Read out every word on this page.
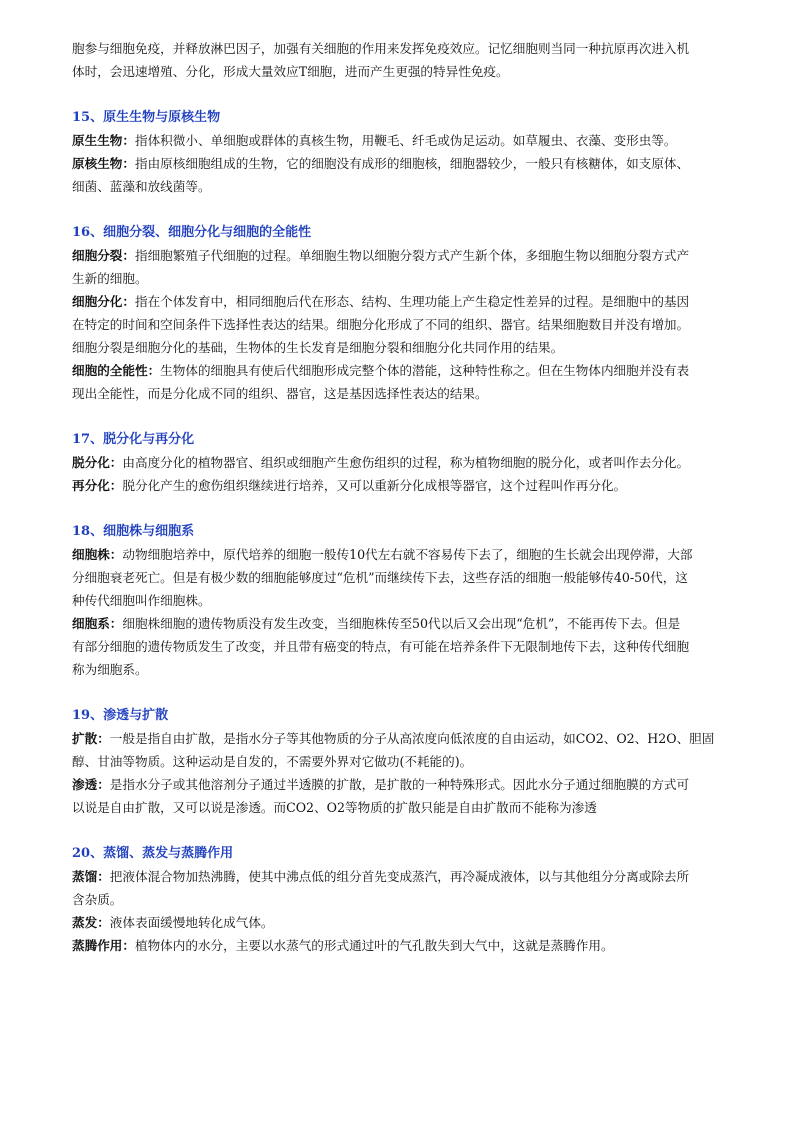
胞参与细胞免疫，并释放淋巴因子，加强有关细胞的作用来发挥免疫效应。记忆细胞则当同一种抗原再次进入机

体时，会迅速增殖、分化，形成大量效应T细胞，进而产生更强的特异性免疫。

15、原生生物与原核生物

原生生物：指体积微小、单细胞或群体的真核生物，用鞭毛、纤毛或伪足运动。如草履虫、衣藻、变形虫等。

原核生物：指由原核细胞组成的生物，它的细胞没有成形的细胞核，细胞器较少，一般只有核糖体，如支原体、

细菌、蓝藻和放线菌等。

16、细胞分裂、细胞分化与细胞的全能性

细胞分裂：指细胞繁殖子代细胞的过程。单细胞生物以细胞分裂方式产生新个体，多细胞生物以细胞分裂方式产

生新的细胞。

细胞分化：指在个体发育中，相同细胞后代在形态、结构、生理功能上产生稳定性差异的过程。是细胞中的基因

在特定的时间和空间条件下选择性表达的结果。细胞分化形成了不同的组织、器官。结果细胞数目并没有增加。

细胞分裂是细胞分化的基础，生物体的生长发育是细胞分裂和细胞分化共同作用的结果。

细胞的全能性：生物体的细胞具有使后代细胞形成完整个体的潜能，这种特性称之。但在生物体内细胞并没有表

现出全能性，而是分化成不同的组织、器官，这是基因选择性表达的结果。

17、脱分化与再分化

脱分化：由高度分化的植物器官、组织或细胞产生愈伤组织的过程，称为植物细胞的脱分化，或者叫作去分化。

再分化：脱分化产生的愈伤组织继续进行培养，又可以重新分化成根等器官，这个过程叫作再分化。

18、细胞株与细胞系

细胞株：动物细胞培养中，原代培养的细胞一般传10代左右就不容易传下去了，细胞的生长就会出现停滞，大部

分细胞衰老死亡。但是有极少数的细胞能够度过“危机”而继续传下去，这些存活的细胞一般能够传40-50代，这

种传代细胞叫作细胞株。

细胞系：细胞株细胞的遗传物质没有发生改变，当细胞株传至50代以后又会出现“危机”，不能再传下去。但是

有部分细胞的遗传物质发生了改变，并且带有癌变的特点，有可能在培养条件下无限制地传下去，这种传代细胞

称为细胞系。

19、渗透与扩散

扩散：一般是指自由扩散，是指水分子等其他物质的分子从高浓度向低浓度的自由运动，如CO2、O2、H2O、胆固

醇、甘油等物质。这种运动是自发的，不需要外界对它做功(不耗能的)。

渗透：是指水分子或其他溶剂分子通过半透膜的扩散，是扩散的一种特殊形式。因此水分子通过细胞膜的方式可

以说是自由扩散，又可以说是渗透。而CO2、O2等物质的扩散只能是自由扩散而不能称为渗透

20、蒸馏、蒸发与蒸腾作用

蒸馏：把液体混合物加热沸腾，使其中沸点低的组分首先变成蒸汽，再冷凝成液体，以与其他组分分离或除去所

含杂质。

蒸发：液体表面缓慢地转化成气体。

蒸腾作用：植物体内的水分，主要以水蒸气的形式通过叶的气孔散失到大气中，这就是蒸腾作用。
